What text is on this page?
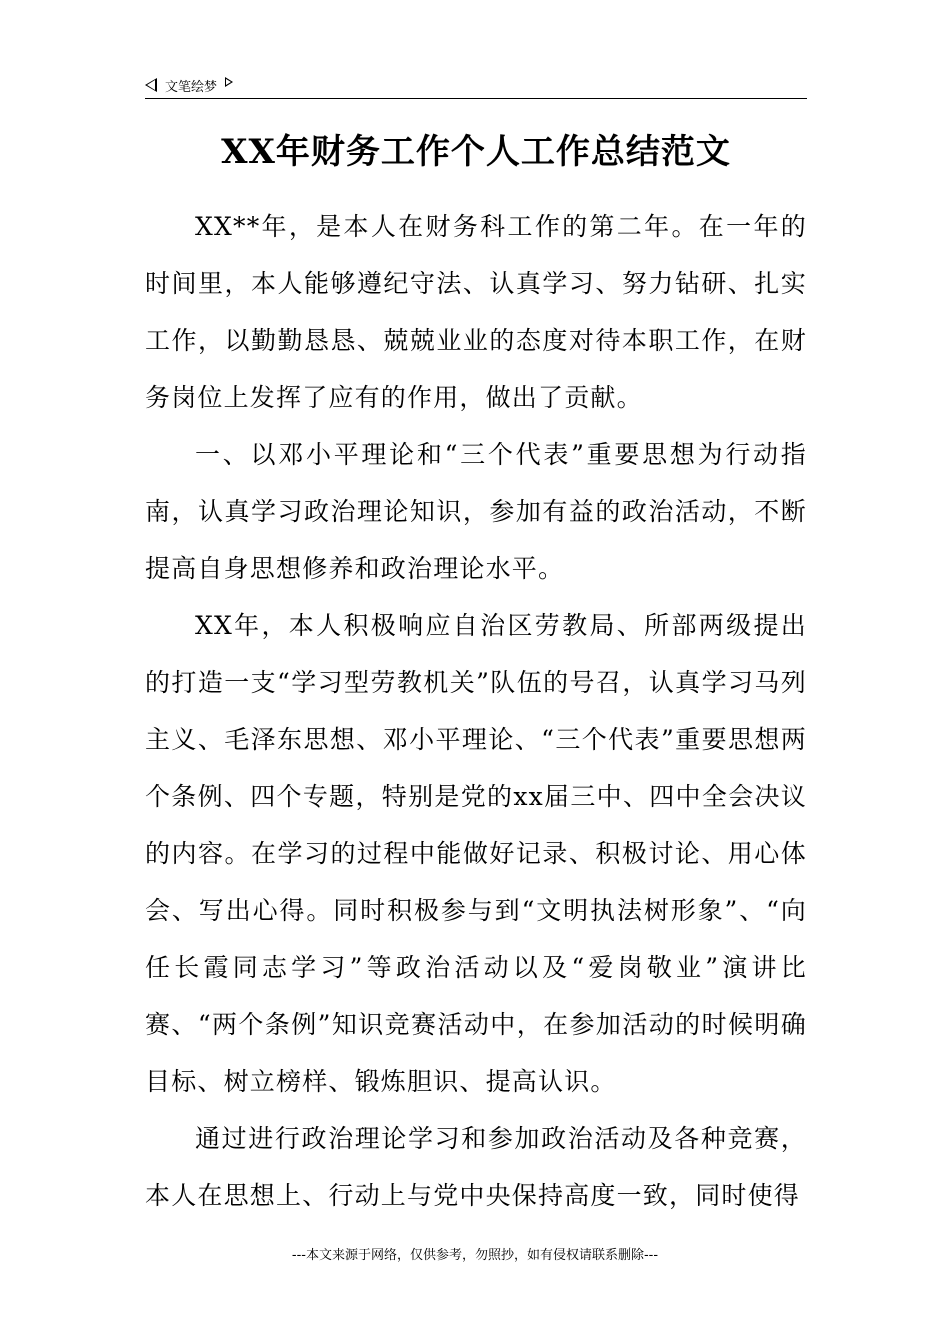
文笔绘梦
XX年财务工作个人工作总结范文

XX**年，是本人在财务科工作的第二年。在一年的时间里，本人能够遵纪守法、认真学习、努力钻研、扎实工作，以勤勤恳恳、兢兢业业的态度对待本职工作，在财务岗位上发挥了应有的作用，做出了贡献。

一、以邓小平理论和“三个代表”重要思想为行动指南，认真学习政治理论知识，参加有益的政治活动，不断提高自身思想修养和政治理论水平。

XX年，本人积极响应自治区劳教局、所部两级提出的打造一支“学习型劳教机关”队伍的号召，认真学习马列主义、毛泽东思想、邓小平理论、“三个代表”重要思想两个条例、四个专题，特别是党的xx届三中、四中全会决议的内容。在学习的过程中能做好记录、积极讨论、用心体会、写出心得。同时积极参与到“文明执法树形象”、“向任长霞同志学习”等政治活动以及“爱岗敬业”演讲比赛、“两个条例”知识竞赛活动中，在参加活动的时候明确目标、树立榜样、锻炼胆识、提高认识。

通过进行政治理论学习和参加政治活动及各种竞赛，本人在思想上、行动上与党中央保持高度一致，同时使得

---本文来源于网络，仅供参考，勿照抄，如有侵权请联系删除---
